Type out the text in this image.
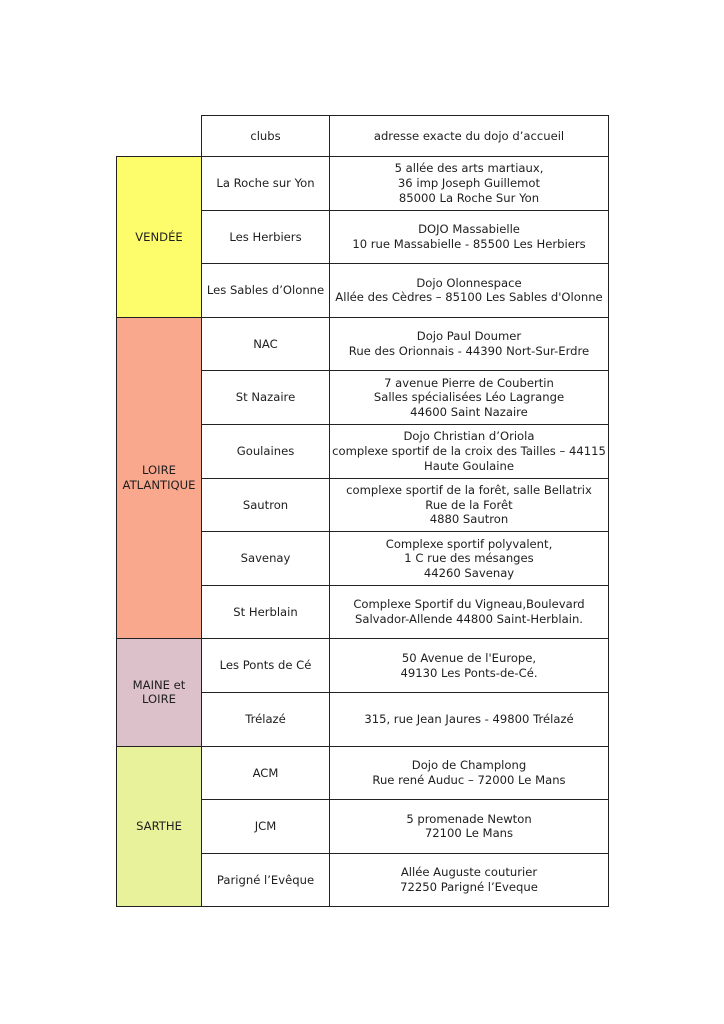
	clubs	adresse exacte du dojo d’accueil

VENDÉE	La Roche sur Yon	5 allée des arts martiaux,
36 imp Joseph Guillemot
85000 La Roche Sur Yon

	Les Herbiers	DOJO Massabielle
10 rue Massabielle - 85500 Les Herbiers

	Les Sables d’Olonne	Dojo Olonnespace
Allée des Cèdres – 85100 Les Sables d'Olonne

LOIRE
ATLANTIQUE	NAC	Dojo Paul Doumer
Rue des Orionnais - 44390 Nort-Sur-Erdre

	St Nazaire	7 avenue Pierre de Coubertin
Salles spécialisées Léo Lagrange
44600 Saint Nazaire

	Goulaines	Dojo Christian d’Oriola
complexe sportif de la croix des Tailles – 44115
Haute Goulaine

	Sautron	complexe sportif de la forêt, salle Bellatrix
Rue de la Forêt
4880 Sautron

	Savenay	Complexe sportif polyvalent,
1 C rue des mésanges
44260 Savenay

	St Herblain	Complexe Sportif du Vigneau,Boulevard
Salvador-Allende 44800 Saint-Herblain.

MAINE et
LOIRE	Les Ponts de Cé	50 Avenue de l'Europe,
49130 Les Ponts-de-Cé.

	Trélazé	315, rue Jean Jaures - 49800 Trélazé

SARTHE	ACM	Dojo de Champlong
Rue rené Auduc – 72000 Le Mans

	JCM	5 promenade Newton
72100 Le Mans

	Parigné l’Evêque	Allée Auguste couturier
72250 Parigné l’Eveque
